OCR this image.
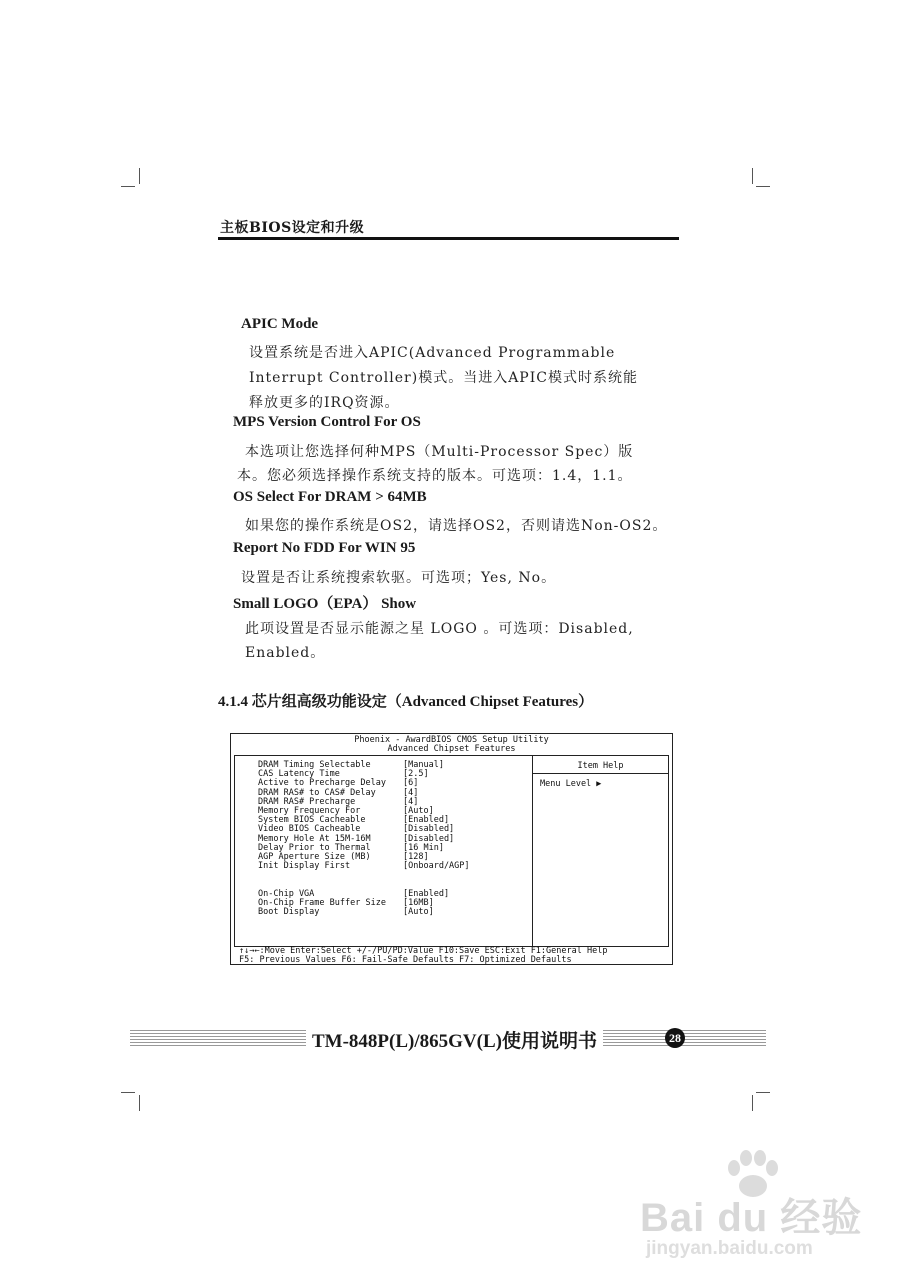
主板BIOS设定和升级
APIC Mode
设置系统是否进入APIC(Advanced Programmable
Interrupt Controller)模式。当进入APIC模式时系统能
释放更多的IRQ资源。
MPS Version Control For OS
本选项让您选择何种MPS（Multi-Processor Spec）版
本。您必须选择操作系统支持的版本。可选项：1.4，1.1。
OS Select For DRAM > 64MB
如果您的操作系统是OS2，请选择OS2，否则请选Non-OS2。
Report No FDD For WIN 95
设置是否让系统搜索软驱。可选项；Yes, No。
Small LOGO（EPA） Show
此项设置是否显示能源之星 LOGO 。可选项：Disabled,
Enabled。
4.1.4 芯片组高级功能设定（Advanced Chipset Features）
Phoenix - AwardBIOS CMOS Setup Utility
Advanced Chipset Features
Item Help
Menu Level ▶
DRAM Timing Selectable	[Manual]
CAS Latency Time	[2.5]
Active to Precharge Delay [6]
DRAM RAS# to CAS# Delay	[4]
DRAM RAS# Precharge	[4]
Memory Frequency For	[Auto]
System BIOS Cacheable	[Enabled]
Video BIOS Cacheable	[Disabled]
Memory Hole At 15M-16M	[Disabled]
Delay Prior to Thermal	[16 Min]
AGP Aperture Size (MB)	[128]
Init Display First	[Onboard/AGP]
On-Chip VGA	[Enabled]
On-Chip Frame Buffer Size [16MB]
Boot Display	[Auto]
↑↓→←:Move Enter:Select +/-/PU/PD:Value F10:Save ESC:Exit F1:General Help
F5: Previous Values F6: Fail-Safe Defaults F7: Optimized Defaults
TM-848P(L)/865GV(L)使用说明书	28
Bai du 经验
jingyan.baidu.com
